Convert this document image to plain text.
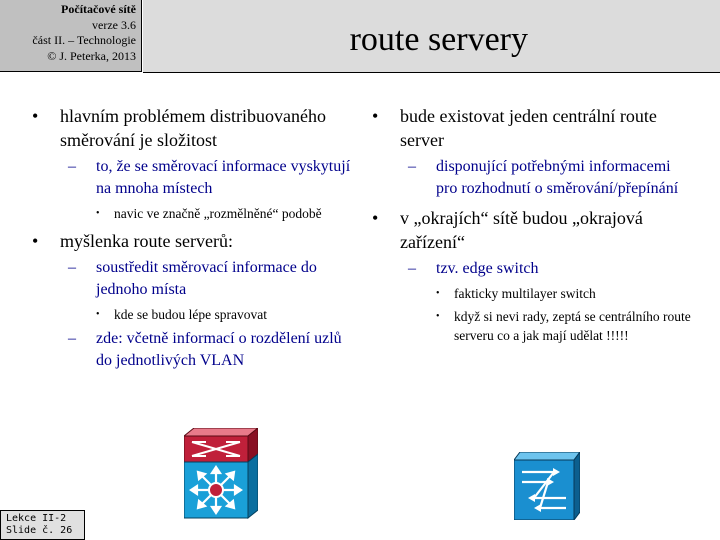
Počítačové sítě
verze 3.6
část II. – Technologie
© J. Peterka, 2013	route servery
• hlavním problémem distribuovaného směrování je složitost
– to, že se směrovací informace vyskytují na mnoha místech
• navic ve značně „rozmělněné“ podobě
• myšlenka route serverů:
– soustředit směrovací informace do jednoho místa
• kde se budou lépe spravovat
– zde: včetně informací o rozdělení uzlů do jednotlivých VLAN
• bude existovat jeden centrální route server
– disponující potřebnými informacemi pro rozhodnutí o směrování/přepínání
• v „okrajích“ sítě budou „okrajová zařízení“
– tzv. edge switch
• fakticky multilayer switch
• když si nevi rady, zeptá se centrálního route serveru co a jak mají udělat !!!!!
Lekce II-2
Slide č. 26
